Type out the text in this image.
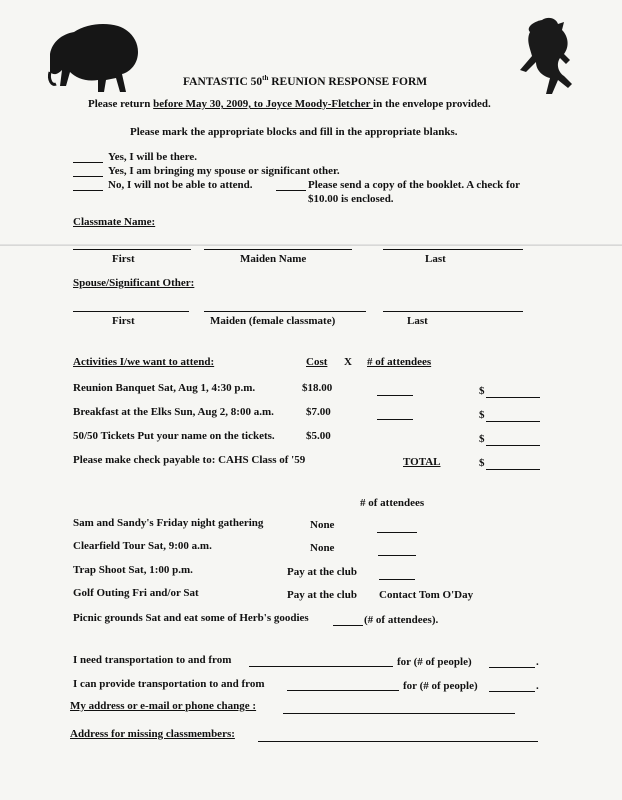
FANTASTIC 50th REUNION RESPONSE FORM
Please return before May 30, 2009, to Joyce Moody-Fletcher in the envelope provided.
Please mark the appropriate blocks and fill in the appropriate blanks.
Yes, I will be there.
Yes, I am bringing my spouse or significant other.
No, I will not be able to attend.	Please send a copy of the booklet. A check for
$10.00 is enclosed.
Classmate Name:
First	Maiden Name	Last
Spouse/Significant Other:
First	Maiden (female classmate)	Last
Activities I/we want to attend:	Cost X # of attendees
Reunion Banquet Sat, Aug 1, 4:30 p.m.	$18.00	$
Breakfast at the Elks Sun, Aug 2, 8:00 a.m.	$7.00	$
50/50 Tickets Put your name on the tickets.	$5.00	$
Please make check payable to: CAHS Class of '59	TOTAL	$
# of attendees
Sam and Sandy's Friday night gathering	None
Clearfield Tour Sat, 9:00 a.m.	None
Trap Shoot Sat, 1:00 p.m.	Pay at the club
Golf Outing Fri and/or Sat	Pay at the club Contact Tom O'Day
Picnic grounds Sat and eat some of Herb's goodies	(# of attendees).
I need transportation to and from	for (# of people)	.
I can provide transportation to and from	for (# of people)	.
My address or e-mail or phone change :
Address for missing classmembers:
